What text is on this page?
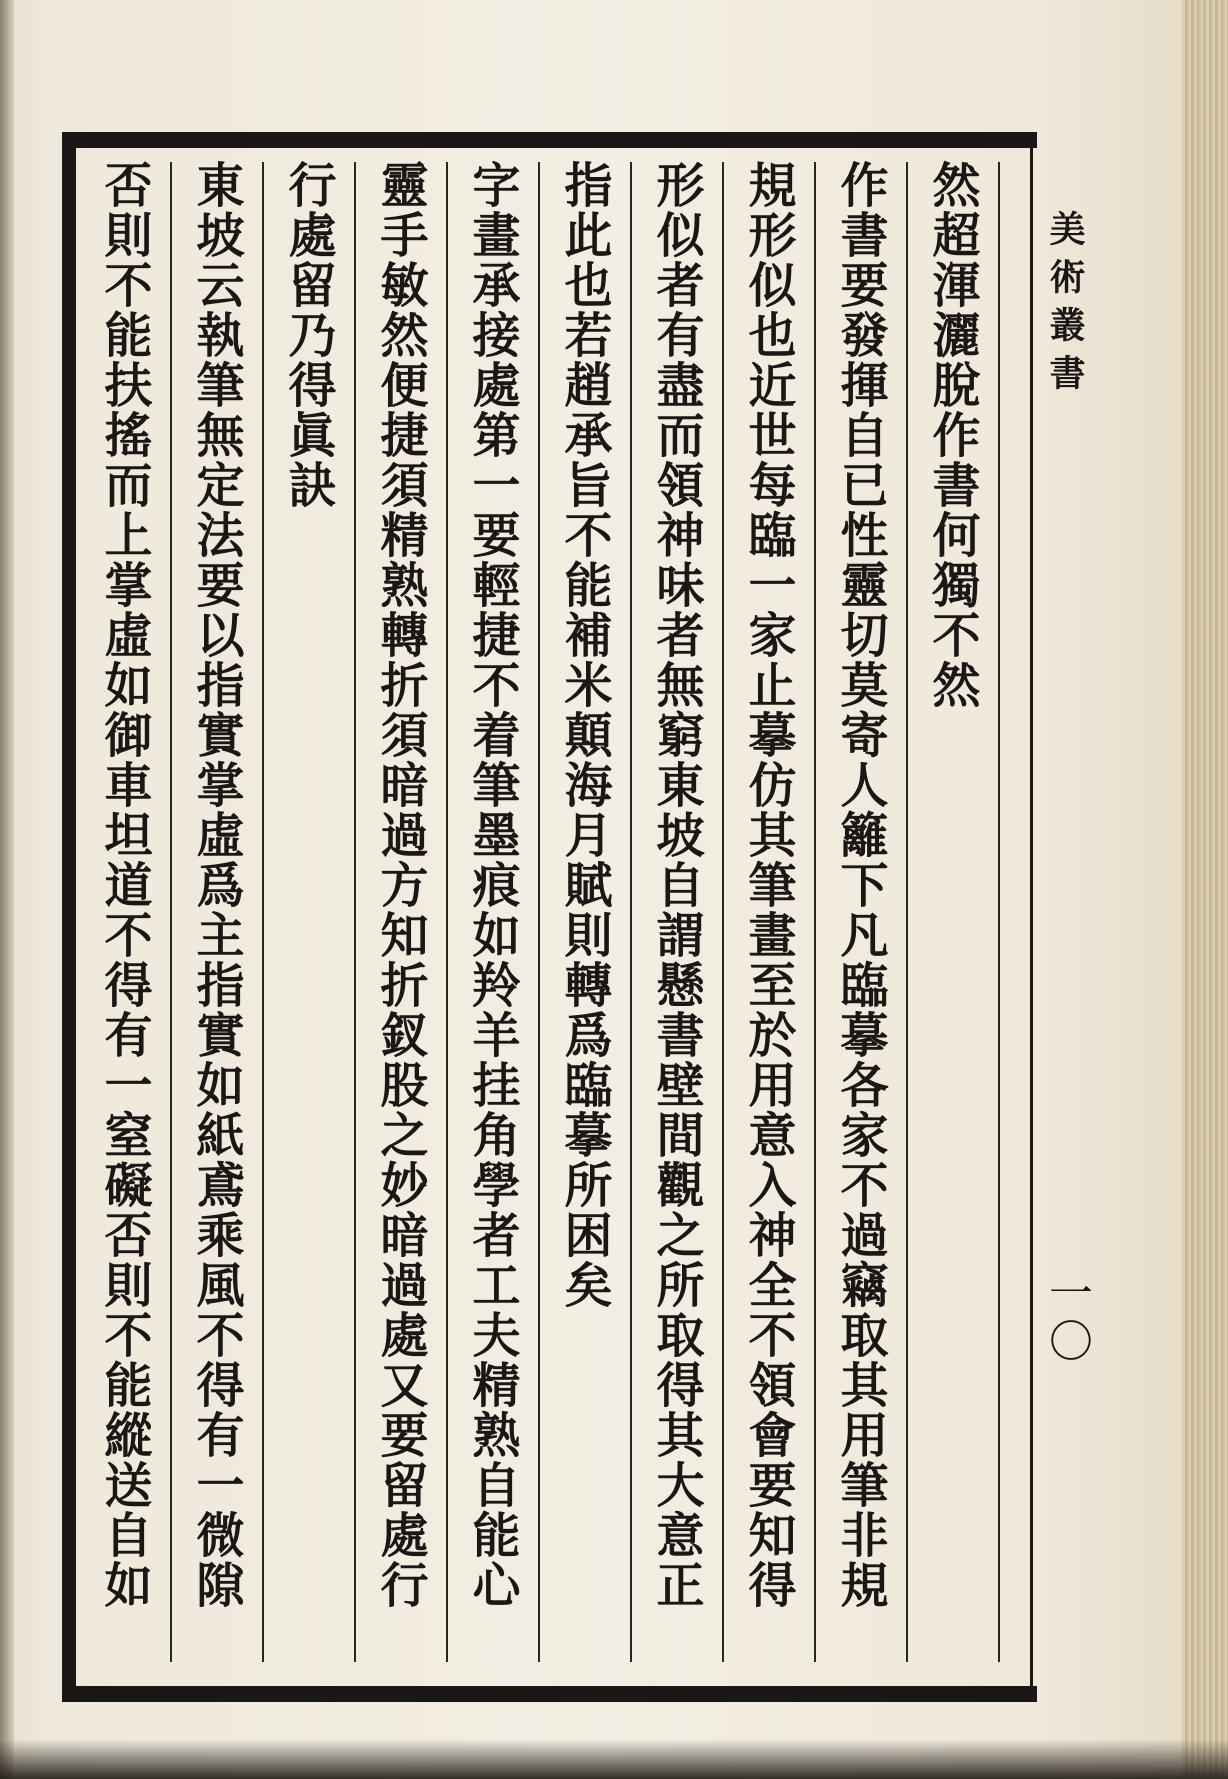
然超渾灑脫作書何獨不然
作書要發揮自已性靈切莫寄人籬下凡臨摹各家不過竊取其用筆非規
規形似也近世每臨一家止摹仿其筆畫至於用意入神全不領會要知得
形似者有盡而領神味者無窮東坡自謂懸書壁間觀之所取得其大意正
指此也若趙承旨不能補米顛海月賦則轉爲臨摹所困矣
字畫承接處第一要輕捷不着筆墨痕如羚羊挂角學者工夫精熟自能心
靈手敏然便捷須精熟轉折須暗過方知折釵股之妙暗過處又要留處行
行處留乃得眞訣
東坡云執筆無定法要以指實掌虛爲主指實如紙鳶乘風不得有一微隙
否則不能扶搖而上掌虛如御車坦道不得有一窒礙否則不能縱送自如	美術叢書
一〇
